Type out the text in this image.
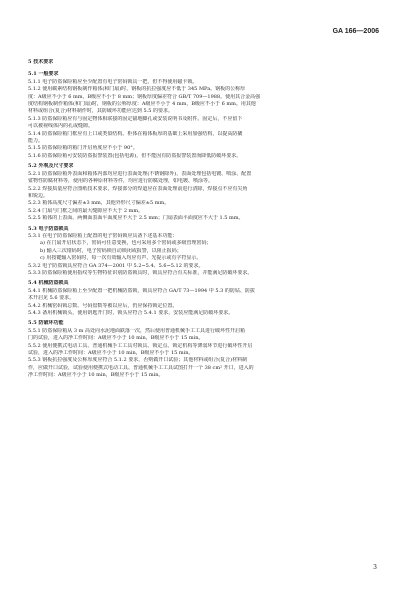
GA 166—2006
5 技术要求
5.1 一般要求
5.1.1 电子防盗保险箱应至少配置有电子密码锁具一把，但不得使用磁卡锁。
5.1.2 使用碳素结构钢板制作箱体(和门扇)时，钢板的抗拉强度应不低于 345 MPa。钢板的公称厚
度：A级应不小于 6 mm，B级应不小于 8 mm；钢板厚度偏差符合 GB/T 709—1988。使用其合金高强
度结构钢板制作箱体(和门扇)时，钢板的公称厚度：A级应不小于 4 mm，B级应不小于 6 mm。用其他
材料或组合(复合)材料制作时，其防破坏功能应达到 5.5 的要求。
5.1.3 防盗保险箱应有与固定物体相联接的固定锚地脚孔或安装说明书及附件。固定后，不应留下
可以被视线体内的孔或缝隙。
5.1.4 防盗保险箱门框应有上口或类似结构。柜体在箱体板厚的基础上采用加强结构，以提高防撬
能力。
5.1.5 防盗保险箱的箱门开启角度应不小于 90°。
5.1.6 防盗保险箱可安装防盗报警装置(包括电源)，但不能因有防盗报警装置而降低防破坏要求。
5.2 外观及尺寸要求
5.2.1 防盗保险箱外表面和箱体内部均应进行表面处理(不锈钢除外)，表面处理包括电镀、喷涂、配置
鲨物性防腐材料等，使用的各种原材料等件，均应进行防腐处理，如电镀、喷涂等。
5.2.2 焊接质量应符合图纸技术要求，焊接部分的焊道应在表面处理前进行清除，焊接点不应有尖角
和锐边。
5.2.3 箱体高度尺寸偏差±3 mm，其他外形尺寸偏差±5 mm。
5.2.4 门扇与门框之间的最大缝隙应不大于 2 mm。
5.2.5 箱体的上表面、两侧面表面平面度应不大于 2.5 mm；门扇表面平面度应不大于 1.5 mm。
5.3 电子防盗锁具
5.3.1 在电子防盗保险箱上配置的电子密码锁应具备下述基本功能：
a) 在门扇开启状态下，密码可任意变换，也可采用多个密码或多级管理密码；
b) 输入三次错码时，电子密码锁自动锁闭或报警，以阻止报码；
c) 用按键输入密码时，每一次有效输入均应有声、光提示或有字符显示。
5.3.2 电子防盗锁具应符合 GA 374—2001 中 5.2~5.4、5.6~5.12 的要求。
5.3.3 防盗保险箱使用指纹等生物特征识别防盗锁具时，锁具应符合有关标准，并能满足防破坏要求。
5.4 机械防盗锁具
5.4.1 机械防盗保险箱上至少配置一把机械防盗锁，锁具应符合 GA/T 73—1994 中 5.3 的防钻、防拔
术开启见 5.6 要求。
5.4.2 机械密码锁总数、号码盘数等被以应后，仍应保持锁定位置。
5.4.3 备用机械锁头，使用钥匙开门时，锁头应符合 5.4.1 要求，安装应能满足防破坏要求。
5.5 防破坏功能
5.5.1 防盗保险箱从 3 m 高处向水泥地面跌落一次，然后使用普通机械手工工具进行破坏性开启箱
门的试验，进入的净工作时间：A级应不小于 10 min，B级应不小于 15 min。
5.5.2 使用便携式电动工具、普通机械手工工具对锁具、锁定点、锁定机构等薄弱环节进行破坏性开启
试验，进入的净工作时间：A级应不小于 10 min，B级应不小于 15 min。
5.5.3 钢板抗拉强度及公称厚度应符合 5.1.2 要求，否则做开口试验；其他材料或组合(复合)材料制
作，应做开口试验，试验使用便携式电动工具、普通机械手工工具试图打开一个 38 cm² 开口，进入的
净工作时间：A级应不小于 10 min，B级应不小于 15 min。
3
